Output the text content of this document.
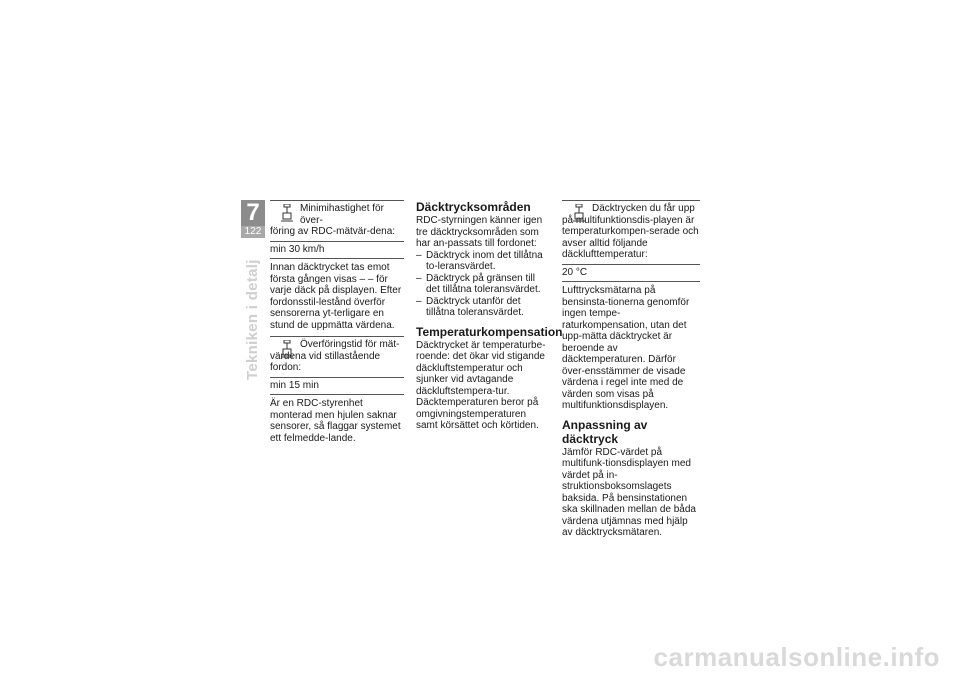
7
122
Tekniken i detalj
Minimihastighet för över-
föring av RDC-mätvär-dena:
min 30 km/h

Innan däcktrycket tas emot första gången visas – – för varje däck på displayen. Efter fordonsstil-lestånd överför sensorerna yt-terligare en stund de uppmätta värdena.

Överföringstid för mät-
värdena vid stillastående fordon:
min 15 min

Är en RDC-styrenhet monterad men hjulen saknar sensorer, så flaggar systemet ett felmedde-lande.

Däcktrycksområden

RDC-styrningen känner igen tre däcktrycksområden som har an-passats till fordonet:

– Däcktryck inom det tillåtna to-leransvärdet.
– Däcktryck på gränsen till det tillåtna toleransvärdet.
– Däcktryck utanför det tillåtna toleransvärdet.
Temperaturkompensation

Däcktrycket är temperaturbe-roende: det ökar vid stigande däckluftstemperatur och sjunker vid avtagande däckluftstempera-tur. Däcktemperaturen beror på omgivningstemperaturen samt körsättet och körtiden.

Däcktrycken du får upp
på multifunktionsdis-playen är temperaturkompen-serade och avser alltid följande däcklufttemperatur:
20 °C

Lufttrycksmätarna på bensinsta-tionerna genomför ingen tempe-raturkompensation, utan det upp-mätta däcktrycket är beroende av däcktemperaturen. Därför över-ensstämmer de visade värdena i regel inte med de värden som visas på multifunktionsdisplayen.

Anpassning av däcktryck

Jämför RDC-värdet på multifunk-tionsdisplayen med värdet på in-struktionsboksomslagets baksida. På bensinstationen ska skillnaden mellan de båda värdena utjämnas med hjälp av däcktrycksmätaren.

carmanualsonline.info
